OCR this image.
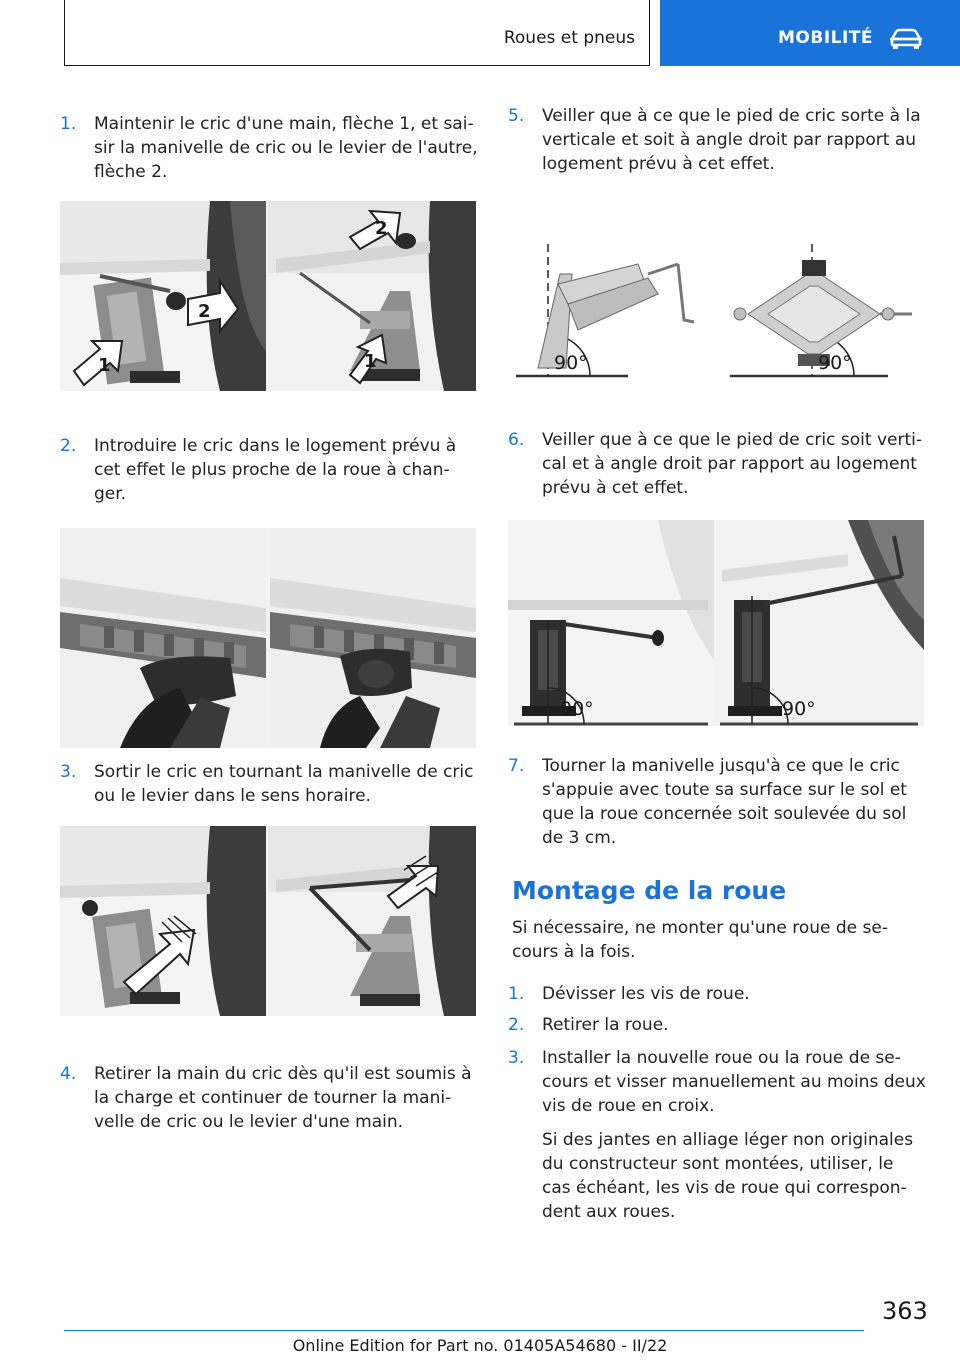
Roues et pneus	MOBILITÉ
1. Maintenir le cric d'une main, flèche 1, et sai-sir la manivelle de cric ou le levier de l'autre, flèche 2.

2
1
2
1
2. Introduire le cric dans le logement prévu à cet effet le plus proche de la roue à chan-ger.

3. Sortir le cric en tournant la manivelle de cric ou le levier dans le sens horaire.

4. Retirer la main du cric dès qu'il est soumis à la charge et continuer de tourner la mani-velle de cric ou le levier d'une main.

5. Veiller que à ce que le pied de cric sorte à la verticale et soit à angle droit par rapport au logement prévu à cet effet.

90°	90°
6. Veiller que à ce que le pied de cric soit verti-cal et à angle droit par rapport au logement prévu à cet effet.

90°	90°
7. Tourner la manivelle jusqu'à ce que le cric s'appuie avec toute sa surface sur le sol et que la roue concernée soit soulevée du sol de 3 cm.

Montage de la roue

Si nécessaire, ne monter qu'une roue de se-cours à la fois.

1. Dévisser les vis de roue.

2. Retirer la roue.

3. Installer la nouvelle roue ou la roue de se-cours et visser manuellement au moins deux vis de roue en croix.

Si des jantes en alliage léger non originales du constructeur sont montées, utiliser, le cas échéant, les vis de roue qui correspon-dent aux roues.

363
Online Edition for Part no. 01405A54680 - II/22
